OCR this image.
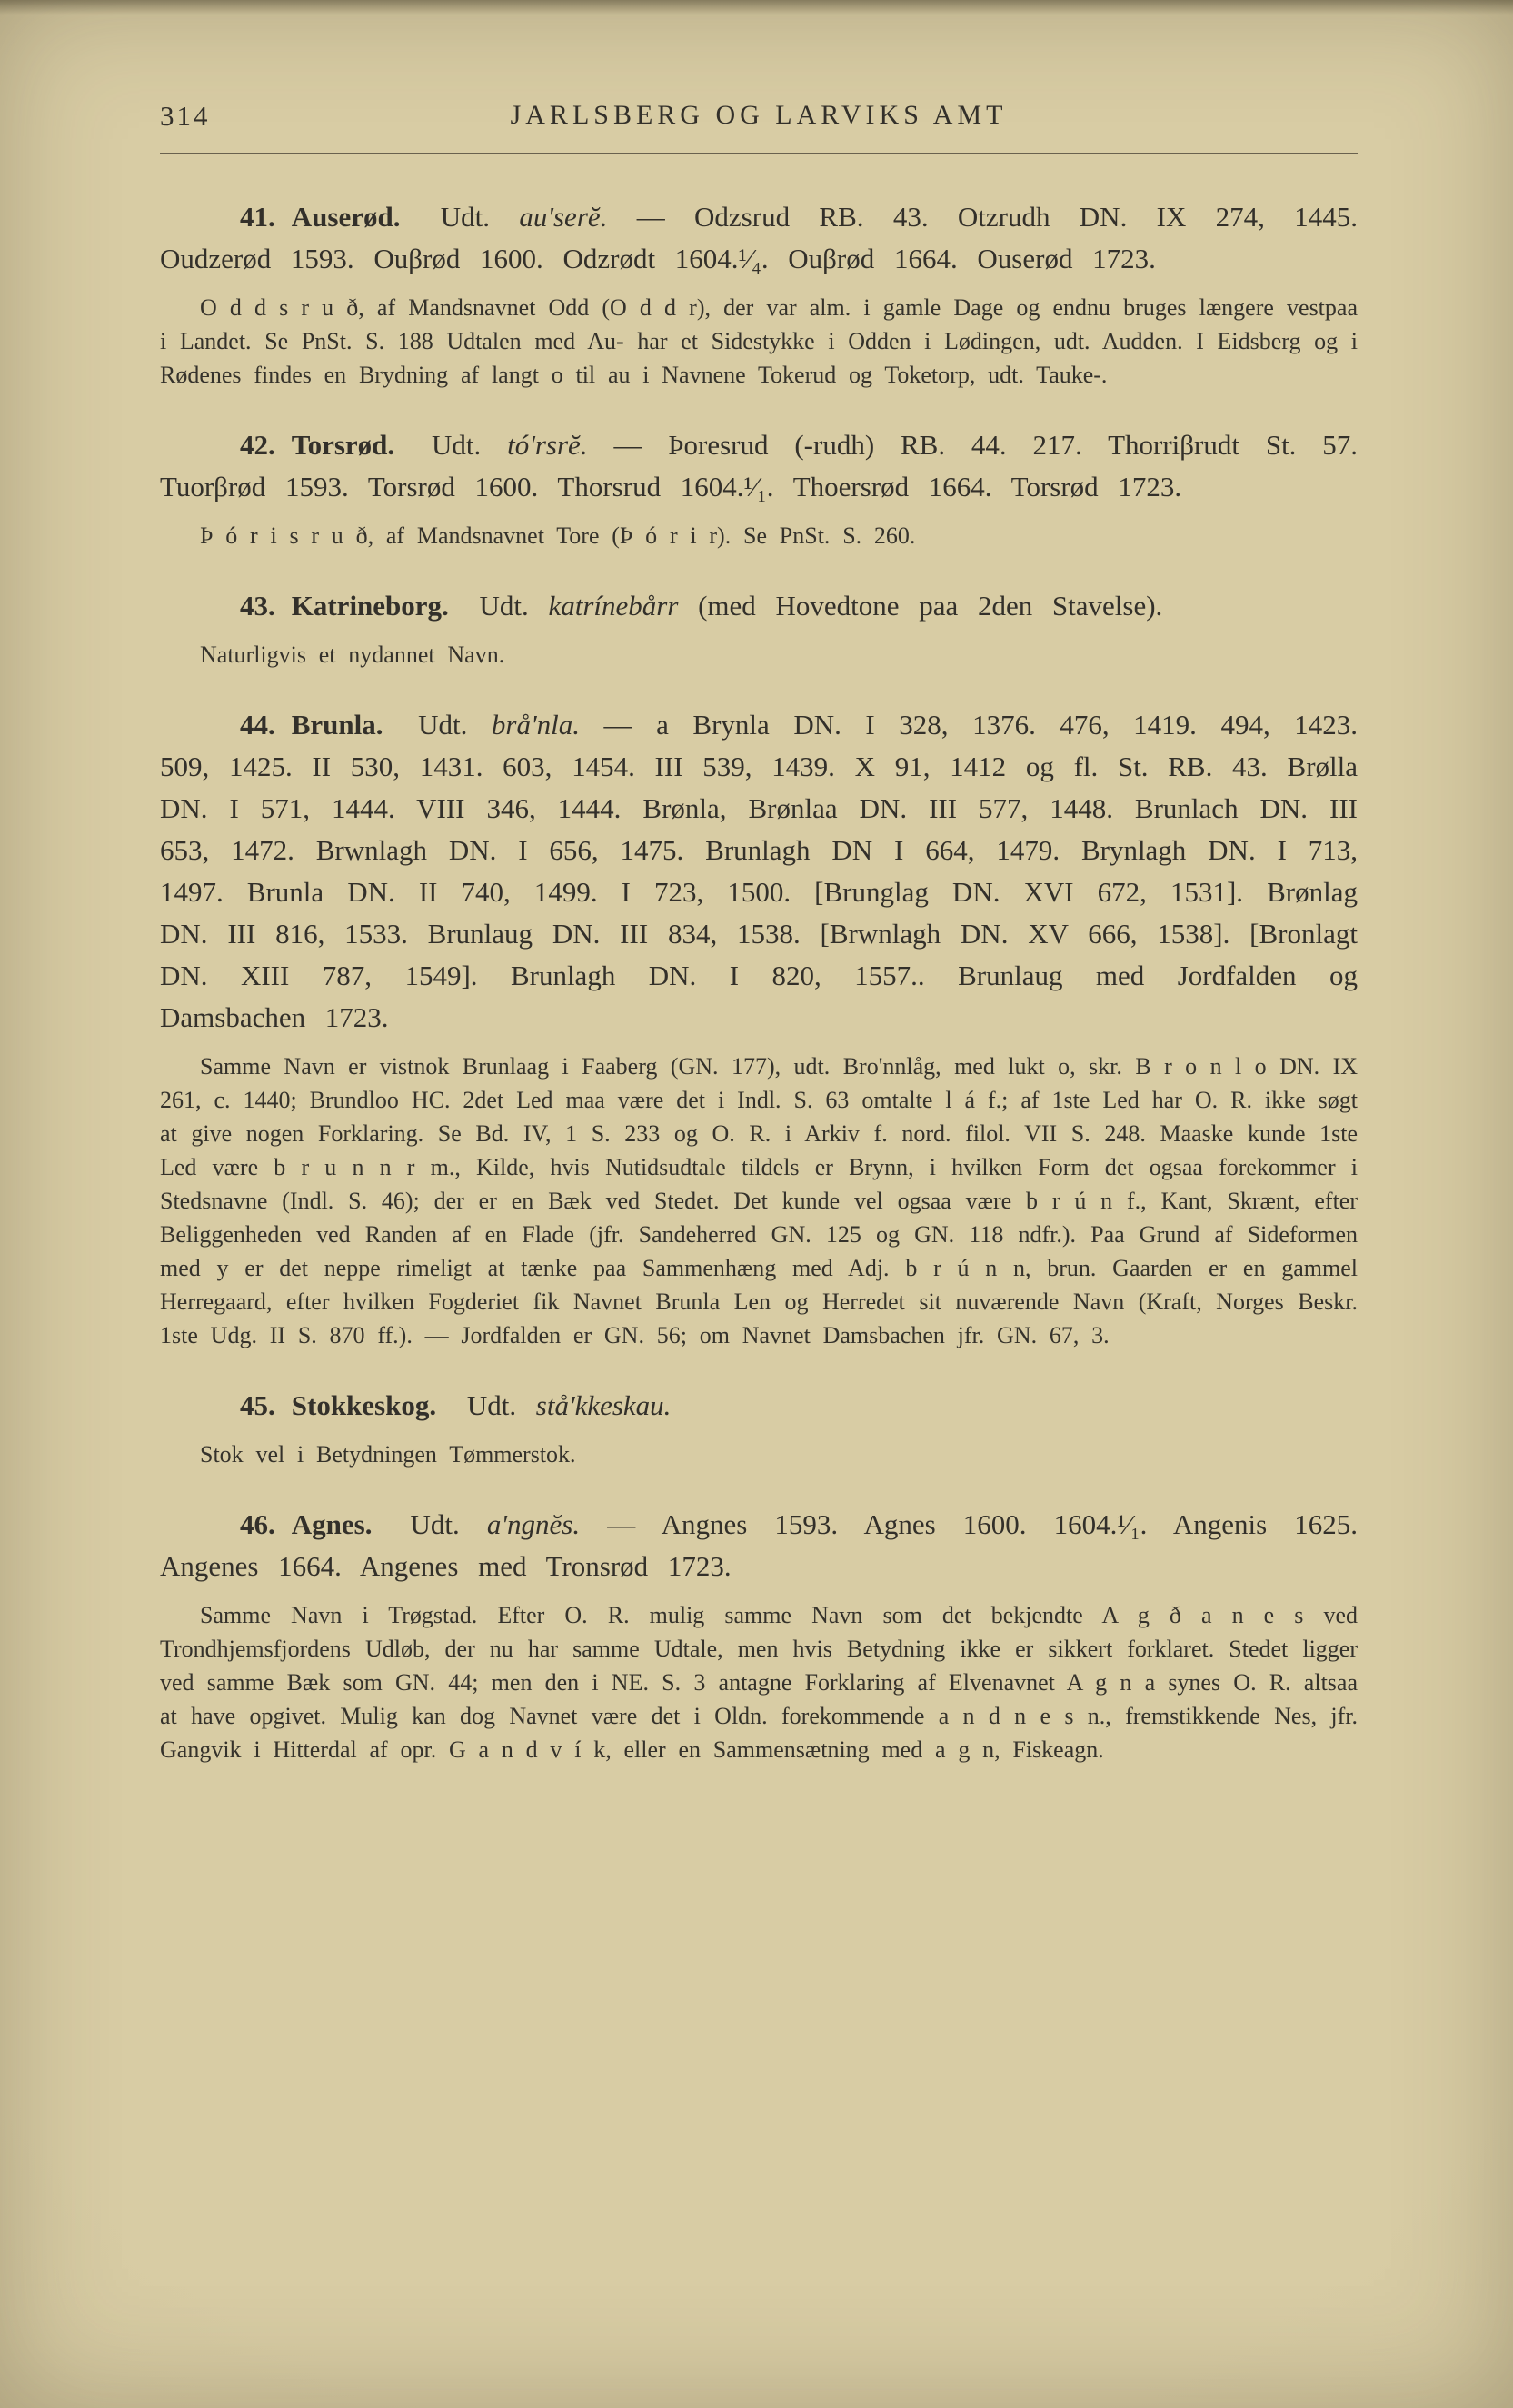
314	JARLSBERG OG LARVIKS AMT

41. Auserød. Udt. au'serĕ. — Odzsrud RB. 43. Otzrudh DN. IX 274, 1445. Oudzerød 1593. Ouβrød 1600. Odzrødt 1604.¹⁄₄. Ouβrød 1664. Ouserød 1723.

O d d s r u ð, af Mandsnavnet Odd (O d d r), der var alm. i gamle Dage og endnu bruges længere vestpaa i Landet. Se PnSt. S. 188 Udtalen med Au- har et Sidestykke i Odden i Lødingen, udt. Audden. I Eidsberg og i Rødenes findes en Brydning af langt o til au i Navnene Tokerud og Toketorp, udt. Tauke-.

42. Torsrød. Udt. tó'rsrĕ. — Þoresrud (-rudh) RB. 44. 217. Thorriβrudt St. 57. Tuorβrød 1593. Torsrød 1600. Thorsrud 1604.¹⁄₁. Thoersrød 1664. Torsrød 1723.

Þ ó r i s r u ð, af Mandsnavnet Tore (Þ ó r i r). Se PnSt. S. 260.

43. Katrineborg. Udt. katrínebårr (med Hovedtone paa 2den Stavelse).

Naturligvis et nydannet Navn.

44. Brunla. Udt. brå'nla. — a Brynla DN. I 328, 1376. 476, 1419. 494, 1423. 509, 1425. II 530, 1431. 603, 1454. III 539, 1439. X 91, 1412 og fl. St. RB. 43. Brølla DN. I 571, 1444. VIII 346, 1444. Brønla, Brønlaa DN. III 577, 1448. Brunlach DN. III 653, 1472. Brwnlagh DN. I 656, 1475. Brunlagh DN I 664, 1479. Brynlagh DN. I 713, 1497. Brunla DN. II 740, 1499. I 723, 1500. [Brunglag DN. XVI 672, 1531]. Brønlag DN. III 816, 1533. Brunlaug DN. III 834, 1538. [Brwnlagh DN. XV 666, 1538]. [Bronlagt DN. XIII 787, 1549]. Brunlagh DN. I 820, 1557.. Brunlaug med Jordfalden og Damsbachen 1723.

Samme Navn er vistnok Brunlaag i Faaberg (GN. 177), udt. Bro'nnlåg, med lukt o, skr. B r o n l o DN. IX 261, c. 1440; Brundloo HC. 2det Led maa være det i Indl. S. 63 omtalte l á f.; af 1ste Led har O. R. ikke søgt at give nogen Forklaring. Se Bd. IV, 1 S. 233 og O. R. i Arkiv f. nord. filol. VII S. 248. Maaske kunde 1ste Led være b r u n n r m., Kilde, hvis Nutidsudtale tildels er Brynn, i hvilken Form det ogsaa forekommer i Stedsnavne (Indl. S. 46); der er en Bæk ved Stedet. Det kunde vel ogsaa være b r ú n f., Kant, Skrænt, efter Beliggenheden ved Randen af en Flade (jfr. Sandeherred GN. 125 og GN. 118 ndfr.). Paa Grund af Sideformen med y er det neppe rimeligt at tænke paa Sammenhæng med Adj. b r ú n n, brun. Gaarden er en gammel Herregaard, efter hvilken Fogderiet fik Navnet Brunla Len og Herredet sit nuværende Navn (Kraft, Norges Beskr. 1ste Udg. II S. 870 ff.). — Jordfalden er GN. 56; om Navnet Damsbachen jfr. GN. 67, 3.

45. Stokkeskog. Udt. stå'kkeskau.

Stok vel i Betydningen Tømmerstok.

46. Agnes. Udt. a'ngnĕs. — Angnes 1593. Agnes 1600. 1604.¹⁄₁. Angenis 1625. Angenes 1664. Angenes med Tronsrød 1723.

Samme Navn i Trøgstad. Efter O. R. mulig samme Navn som det bekjendte A g ð a n e s ved Trondhjemsfjordens Udløb, der nu har samme Udtale, men hvis Betydning ikke er sikkert forklaret. Stedet ligger ved samme Bæk som GN. 44; men den i NE. S. 3 antagne Forklaring af Elvenavnet A g n a synes O. R. altsaa at have opgivet. Mulig kan dog Navnet være det i Oldn. forekommende a n d n e s n., fremstikkende Nes, jfr. Gangvik i Hitterdal af opr. G a n d v í k, eller en Sammensætning med a g n, Fiskeagn.
